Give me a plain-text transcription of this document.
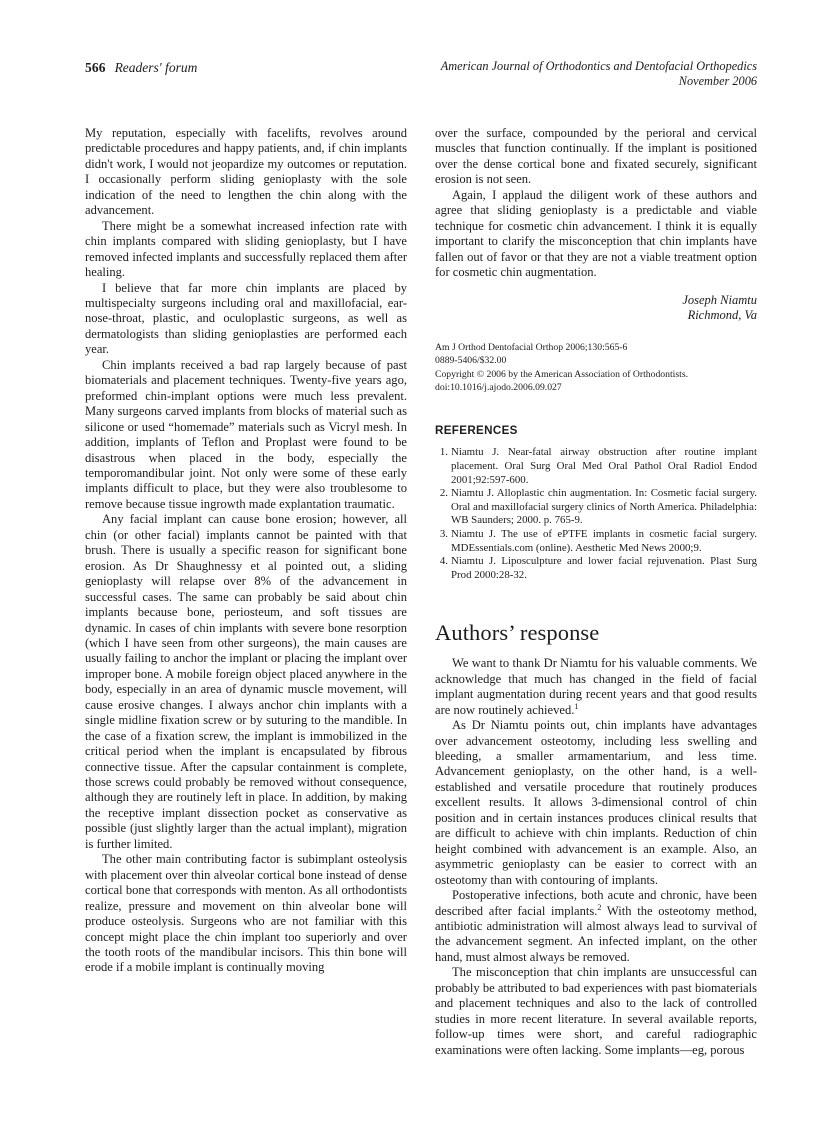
566 Readers' forum	American Journal of Orthodontics and Dentofacial Orthopedics
November 2006

My reputation, especially with facelifts, revolves around predictable procedures and happy patients, and, if chin implants didn't work, I would not jeopardize my outcomes or reputation. I occasionally perform sliding genioplasty with the sole indication of the need to lengthen the chin along with the advancement.

There might be a somewhat increased infection rate with chin implants compared with sliding genioplasty, but I have removed infected implants and successfully replaced them after healing.

I believe that far more chin implants are placed by multispecialty surgeons including oral and maxillofacial, ear-nose-throat, plastic, and oculoplastic surgeons, as well as dermatologists than sliding genioplasties are performed each year.

Chin implants received a bad rap largely because of past biomaterials and placement techniques. Twenty-five years ago, preformed chin-implant options were much less prevalent. Many surgeons carved implants from blocks of material such as silicone or used “homemade” materials such as Vicryl mesh. In addition, implants of Teflon and Proplast were found to be disastrous when placed in the body, especially the temporomandibular joint. Not only were some of these early implants difficult to place, but they were also troublesome to remove because tissue ingrowth made explantation traumatic.

Any facial implant can cause bone erosion; however, all chin (or other facial) implants cannot be painted with that brush. There is usually a specific reason for significant bone erosion. As Dr Shaughnessy et al pointed out, a sliding genioplasty will relapse over 8% of the advancement in successful cases. The same can probably be said about chin implants because bone, periosteum, and soft tissues are dynamic. In cases of chin implants with severe bone resorption (which I have seen from other surgeons), the main causes are usually failing to anchor the implant or placing the implant over improper bone. A mobile foreign object placed anywhere in the body, especially in an area of dynamic muscle movement, will cause erosive changes. I always anchor chin implants with a single midline fixation screw or by suturing to the mandible. In the case of a fixation screw, the implant is immobilized in the critical period when the implant is encapsulated by fibrous connective tissue. After the capsular containment is complete, those screws could probably be removed without consequence, although they are routinely left in place. In addition, by making the receptive implant dissection pocket as conservative as possible (just slightly larger than the actual implant), migration is further limited.

The other main contributing factor is subimplant osteolysis with placement over thin alveolar cortical bone instead of dense cortical bone that corresponds with menton. As all orthodontists realize, pressure and movement on thin alveolar bone will produce osteolysis. Surgeons who are not familiar with this concept might place the chin implant too superiorly and over the tooth roots of the mandibular incisors. This thin bone will erode if a mobile implant is continually moving

over the surface, compounded by the perioral and cervical muscles that function continually. If the implant is positioned over the dense cortical bone and fixated securely, significant erosion is not seen.

Again, I applaud the diligent work of these authors and agree that sliding genioplasty is a predictable and viable technique for cosmetic chin advancement. I think it is equally important to clarify the misconception that chin implants have fallen out of favor or that they are not a viable treatment option for cosmetic chin augmentation.

Joseph Niamtu
Richmond, Va
Am J Orthod Dentofacial Orthop 2006;130:565-6
0889-5406/$32.00
Copyright © 2006 by the American Association of Orthodontists.
doi:10.1016/j.ajodo.2006.09.027
REFERENCES
Niamtu J. Near-fatal airway obstruction after routine implant placement. Oral Surg Oral Med Oral Pathol Oral Radiol Endod 2001;92:597-600.
Niamtu J. Alloplastic chin augmentation. In: Cosmetic facial surgery. Oral and maxillofacial surgery clinics of North America. Philadelphia: WB Saunders; 2000. p. 765-9.
Niamtu J. The use of ePTFE implants in cosmetic facial surgery. MDEssentials.com (online). Aesthetic Med News 2000;9.
Niamtu J. Liposculpture and lower facial rejuvenation. Plast Surg Prod 2000:28-32.
Authors’ response

We want to thank Dr Niamtu for his valuable comments. We acknowledge that much has changed in the field of facial implant augmentation during recent years and that good results are now routinely achieved.$^1$

As Dr Niamtu points out, chin implants have advantages over advancement osteotomy, including less swelling and bleeding, a smaller armamentarium, and less time. Advancement genioplasty, on the other hand, is a well-established and versatile procedure that routinely produces excellent results. It allows 3-dimensional control of chin position and in certain instances produces clinical results that are difficult to achieve with chin implants. Reduction of chin height combined with advancement is an example. Also, an asymmetric genioplasty can be easier to correct with an osteotomy than with contouring of implants.

Postoperative infections, both acute and chronic, have been described after facial implants.$^2$ With the osteotomy method, antibiotic administration will almost always lead to survival of the advancement segment. An infected implant, on the other hand, must almost always be removed.

The misconception that chin implants are unsuccessful can probably be attributed to bad experiences with past biomaterials and placement techniques and also to the lack of controlled studies in more recent literature. In several available reports, follow-up times were short, and careful radiographic examinations were often lacking. Some implants—eg, porous
